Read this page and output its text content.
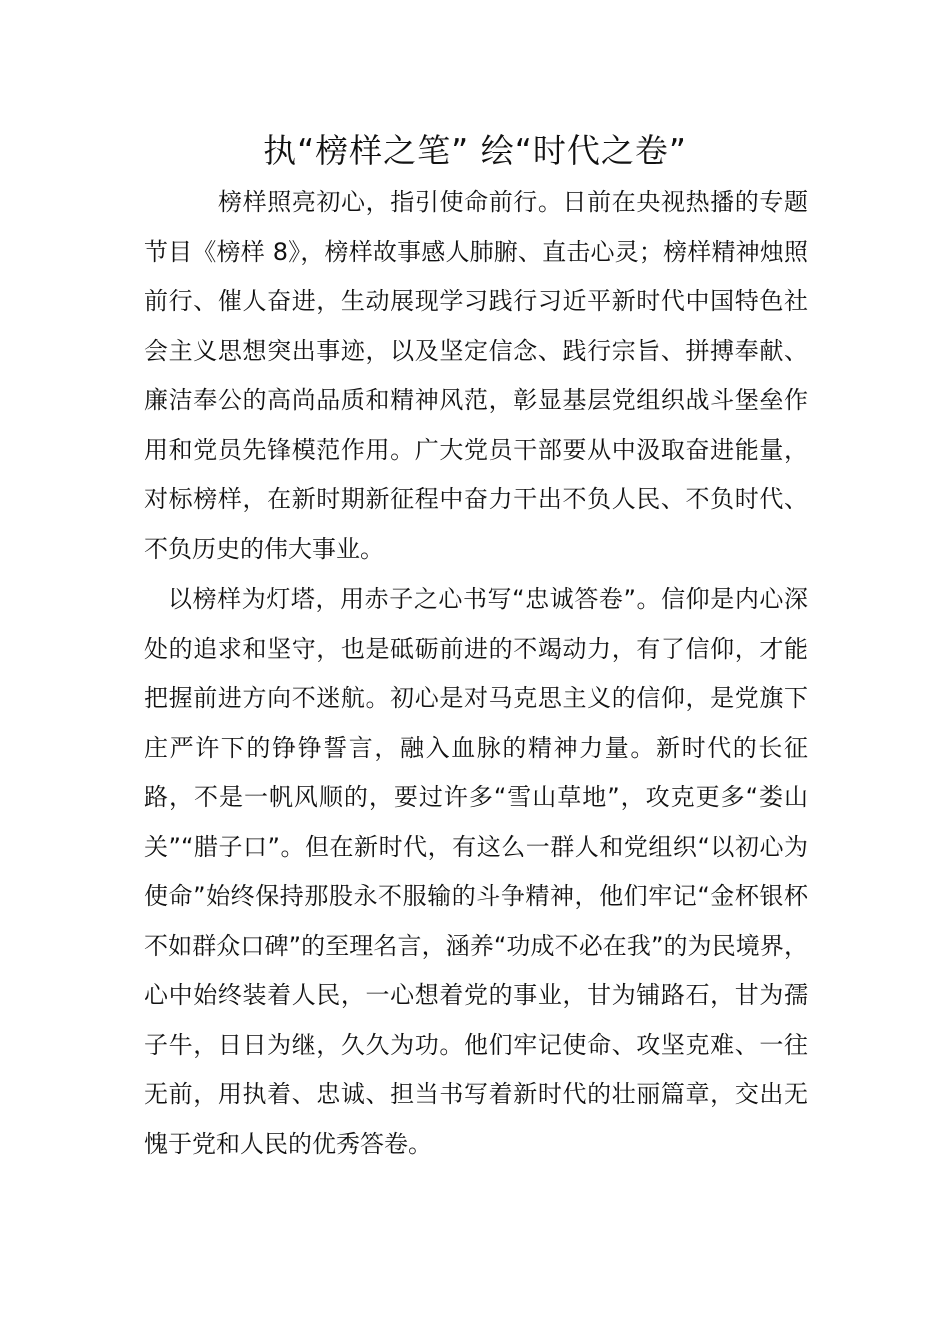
执“榜样之笔” 绘“时代之卷”

榜样照亮初心，指引使命前行。日前在央视热播的专题节目《榜样 8》，榜样故事感人肺腑、直击心灵；榜样精神烛照前行、催人奋进，生动展现学习践行习近平新时代中国特色社会主义思想突出事迹，以及坚定信念、践行宗旨、拼搏奉献、廉洁奉公的高尚品质和精神风范，彰显基层党组织战斗堡垒作用和党员先锋模范作用。广大党员干部要从中汲取奋进能量，对标榜样，在新时期新征程中奋力干出不负人民、不负时代、不负历史的伟大事业。

以榜样为灯塔，用赤子之心书写“忠诚答卷”。信仰是内心深处的追求和坚守，也是砥砺前进的不竭动力，有了信仰，才能把握前进方向不迷航。初心是对马克思主义的信仰，是党旗下庄严许下的铮铮誓言，融入血脉的精神力量。新时代的长征路，不是一帆风顺的，要过许多“雪山草地”，攻克更多“娄山关”“腊子口”。但在新时代，有这么一群人和党组织“以初心为使命”始终保持那股永不服输的斗争精神，他们牢记“金杯银杯不如群众口碑”的至理名言，涵养“功成不必在我”的为民境界，心中始终装着人民，一心想着党的事业，甘为铺路石，甘为孺子牛，日日为继，久久为功。他们牢记使命、攻坚克难、一往无前，用执着、忠诚、担当书写着新时代的壮丽篇章，交出无愧于党和人民的优秀答卷。
